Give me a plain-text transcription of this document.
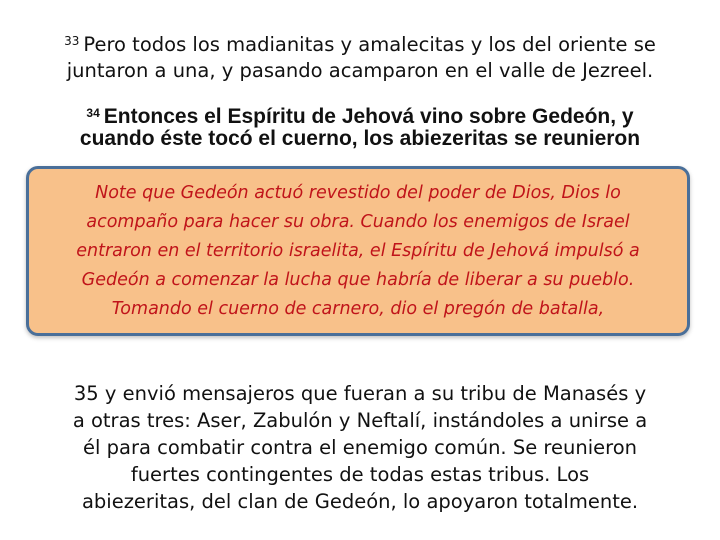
$^{33}$ Pero todos los madianitas y amalecitas y los del oriente se
juntaron a una, y pasando acamparon en el valle de Jezreel.
$^{34}$ Entonces el Espíritu de Jehová vino sobre Gedeón, y
cuando éste tocó el cuerno, los abiezeritas se reunieron

Note que Gedeón actuó revestido del poder de Dios, Dios lo
acompaño para hacer su obra. Cuando los enemigos de Israel
entraron en el territorio israelita, el Espíritu de Jehová impulsó a
Gedeón a comenzar la lucha que habría de liberar a su pueblo.
Tomando el cuerno de carnero, dio el pregón de batalla,

35 y envió mensajeros que fueran a su tribu de Manasés y
a otras tres: Aser, Zabulón y Neftalí, instándoles a unirse a
él para combatir contra el enemigo común. Se reunieron
fuertes contingentes de todas estas tribus. Los
abiezeritas, del clan de Gedeón, lo apoyaron totalmente.
